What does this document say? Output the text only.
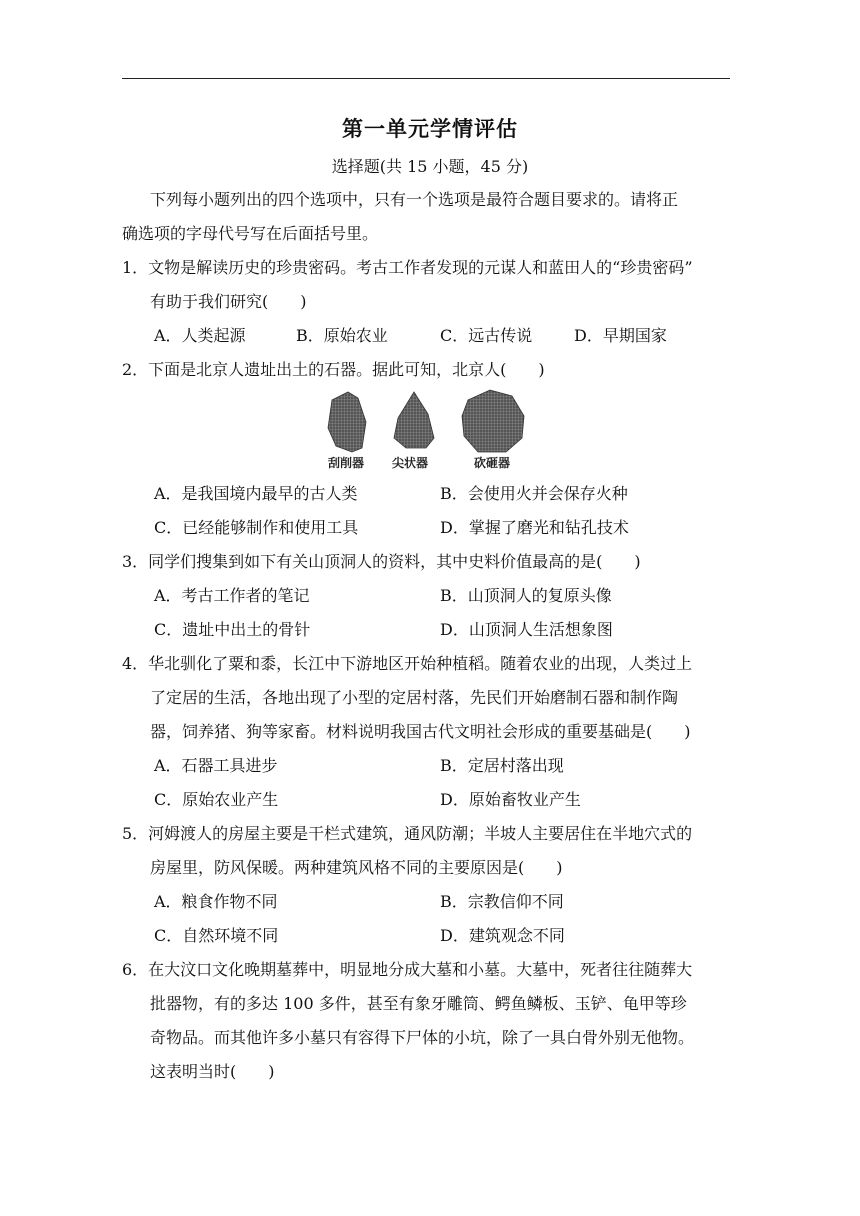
第一单元学情评估
选择题(共 15 小题，45 分)
下列每小题列出的四个选项中，只有一个选项是最符合题目要求的。请将正
确选项的字母代号写在后面括号里。
1．文物是解读历史的珍贵密码。考古工作者发现的元谋人和蓝田人的“珍贵密码”
有助于我们研究(　　)
A．人类起源	B．原始农业	C．远古传说	D．早期国家
2．下面是北京人遗址出土的石器。据此可知，北京人(　　)
刮削器 尖状器	砍砸器
A．是我国境内最早的古人类	B．会使用火并会保存火种
C．已经能够制作和使用工具	D．掌握了磨光和钻孔技术
3．同学们搜集到如下有关山顶洞人的资料，其中史料价值最高的是(　　)
A．考古工作者的笔记	B．山顶洞人的复原头像
C．遗址中出土的骨针	D．山顶洞人生活想象图
4．华北驯化了粟和黍，长江中下游地区开始种植稻。随着农业的出现，人类过上
了定居的生活，各地出现了小型的定居村落，先民们开始磨制石器和制作陶
器，饲养猪、狗等家畜。材料说明我国古代文明社会形成的重要基础是(　　)
A．石器工具进步	B．定居村落出现
C．原始农业产生	D．原始畜牧业产生
5．河姆渡人的房屋主要是干栏式建筑，通风防潮；半坡人主要居住在半地穴式的
房屋里，防风保暖。两种建筑风格不同的主要原因是(　　)
A．粮食作物不同	B．宗教信仰不同
C．自然环境不同	D．建筑观念不同
6．在大汶口文化晚期墓葬中，明显地分成大墓和小墓。大墓中，死者往往随葬大
批器物，有的多达 100 多件，甚至有象牙雕筒、鳄鱼鳞板、玉铲、龟甲等珍
奇物品。而其他许多小墓只有容得下尸体的小坑，除了一具白骨外别无他物。
这表明当时(　　)
